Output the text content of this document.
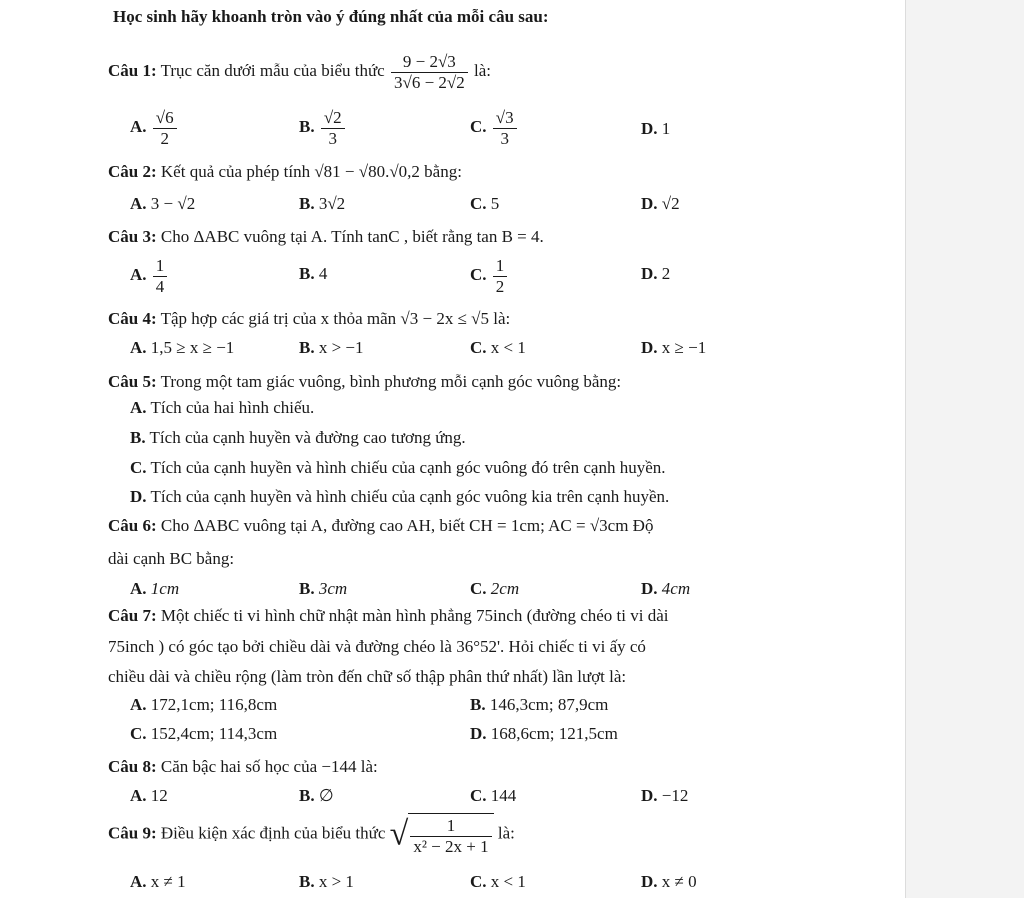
Học sinh hãy khoanh tròn vào ý đúng nhất của mỗi câu sau:
Câu 1: Trục căn dưới mẫu của biểu thức $\frac{9 - 2√3}{3√6 - 2√2}$ là:
A. $\frac{√6}{2}$	B. $\frac{√2}{3}$	C. $\frac{√3}{3}$	D. 1
Câu 2: Kết quả của phép tính √81 − √80.√0,2 bằng:
A. 3 − √2	B. 3√2	C. 5	D. √2
Câu 3: Cho ΔABC vuông tại A. Tính tanC , biết rằng tan B = 4.
A. $\frac{1}{4}$	B. 4	C. $\frac{1}{2}$	D. 2
Câu 4: Tập hợp các giá trị của x thỏa mãn √3 − 2x ≤ √5 là:
A. 1,5 ≥ x ≥ −1	B. x > −1	C. x < 1	D. x ≥ −1
Câu 5: Trong một tam giác vuông, bình phương mỗi cạnh góc vuông bằng:
A. Tích của hai hình chiếu.
B. Tích của cạnh huyền và đường cao tương ứng.
C. Tích của cạnh huyền và hình chiếu của cạnh góc vuông đó trên cạnh huyền.
D. Tích của cạnh huyền và hình chiếu của cạnh góc vuông kia trên cạnh huyền.
Câu 6: Cho ΔABC vuông tại A, đường cao AH, biết CH = 1cm; AC = √3cm Độ
dài cạnh BC bằng:
A. 1cm	B. 3cm	C. 2cm	D. 4cm
Câu 7: Một chiếc ti vi hình chữ nhật màn hình phẳng 75inch (đường chéo ti vi dài
75inch ) có góc tạo bởi chiều dài và đường chéo là 36°52'. Hỏi chiếc ti vi ấy có
chiều dài và chiều rộng (làm tròn đến chữ số thập phân thứ nhất) lần lượt là:
A. 172,1cm; 116,8cm	B. 146,3cm; 87,9cm
C. 152,4cm; 114,3cm	D. 168,6cm; 121,5cm
Câu 8: Căn bậc hai số học của −144 là:
A. 12	B. ∅	C. 144	D. −12
Câu 9: Điều kiện xác định của biểu thức √ $\frac{1}{\text{x² − 2x + 1}}$ là:
A. x ≠ 1	B. x > 1	C. x < 1	D. x ≠ 0
